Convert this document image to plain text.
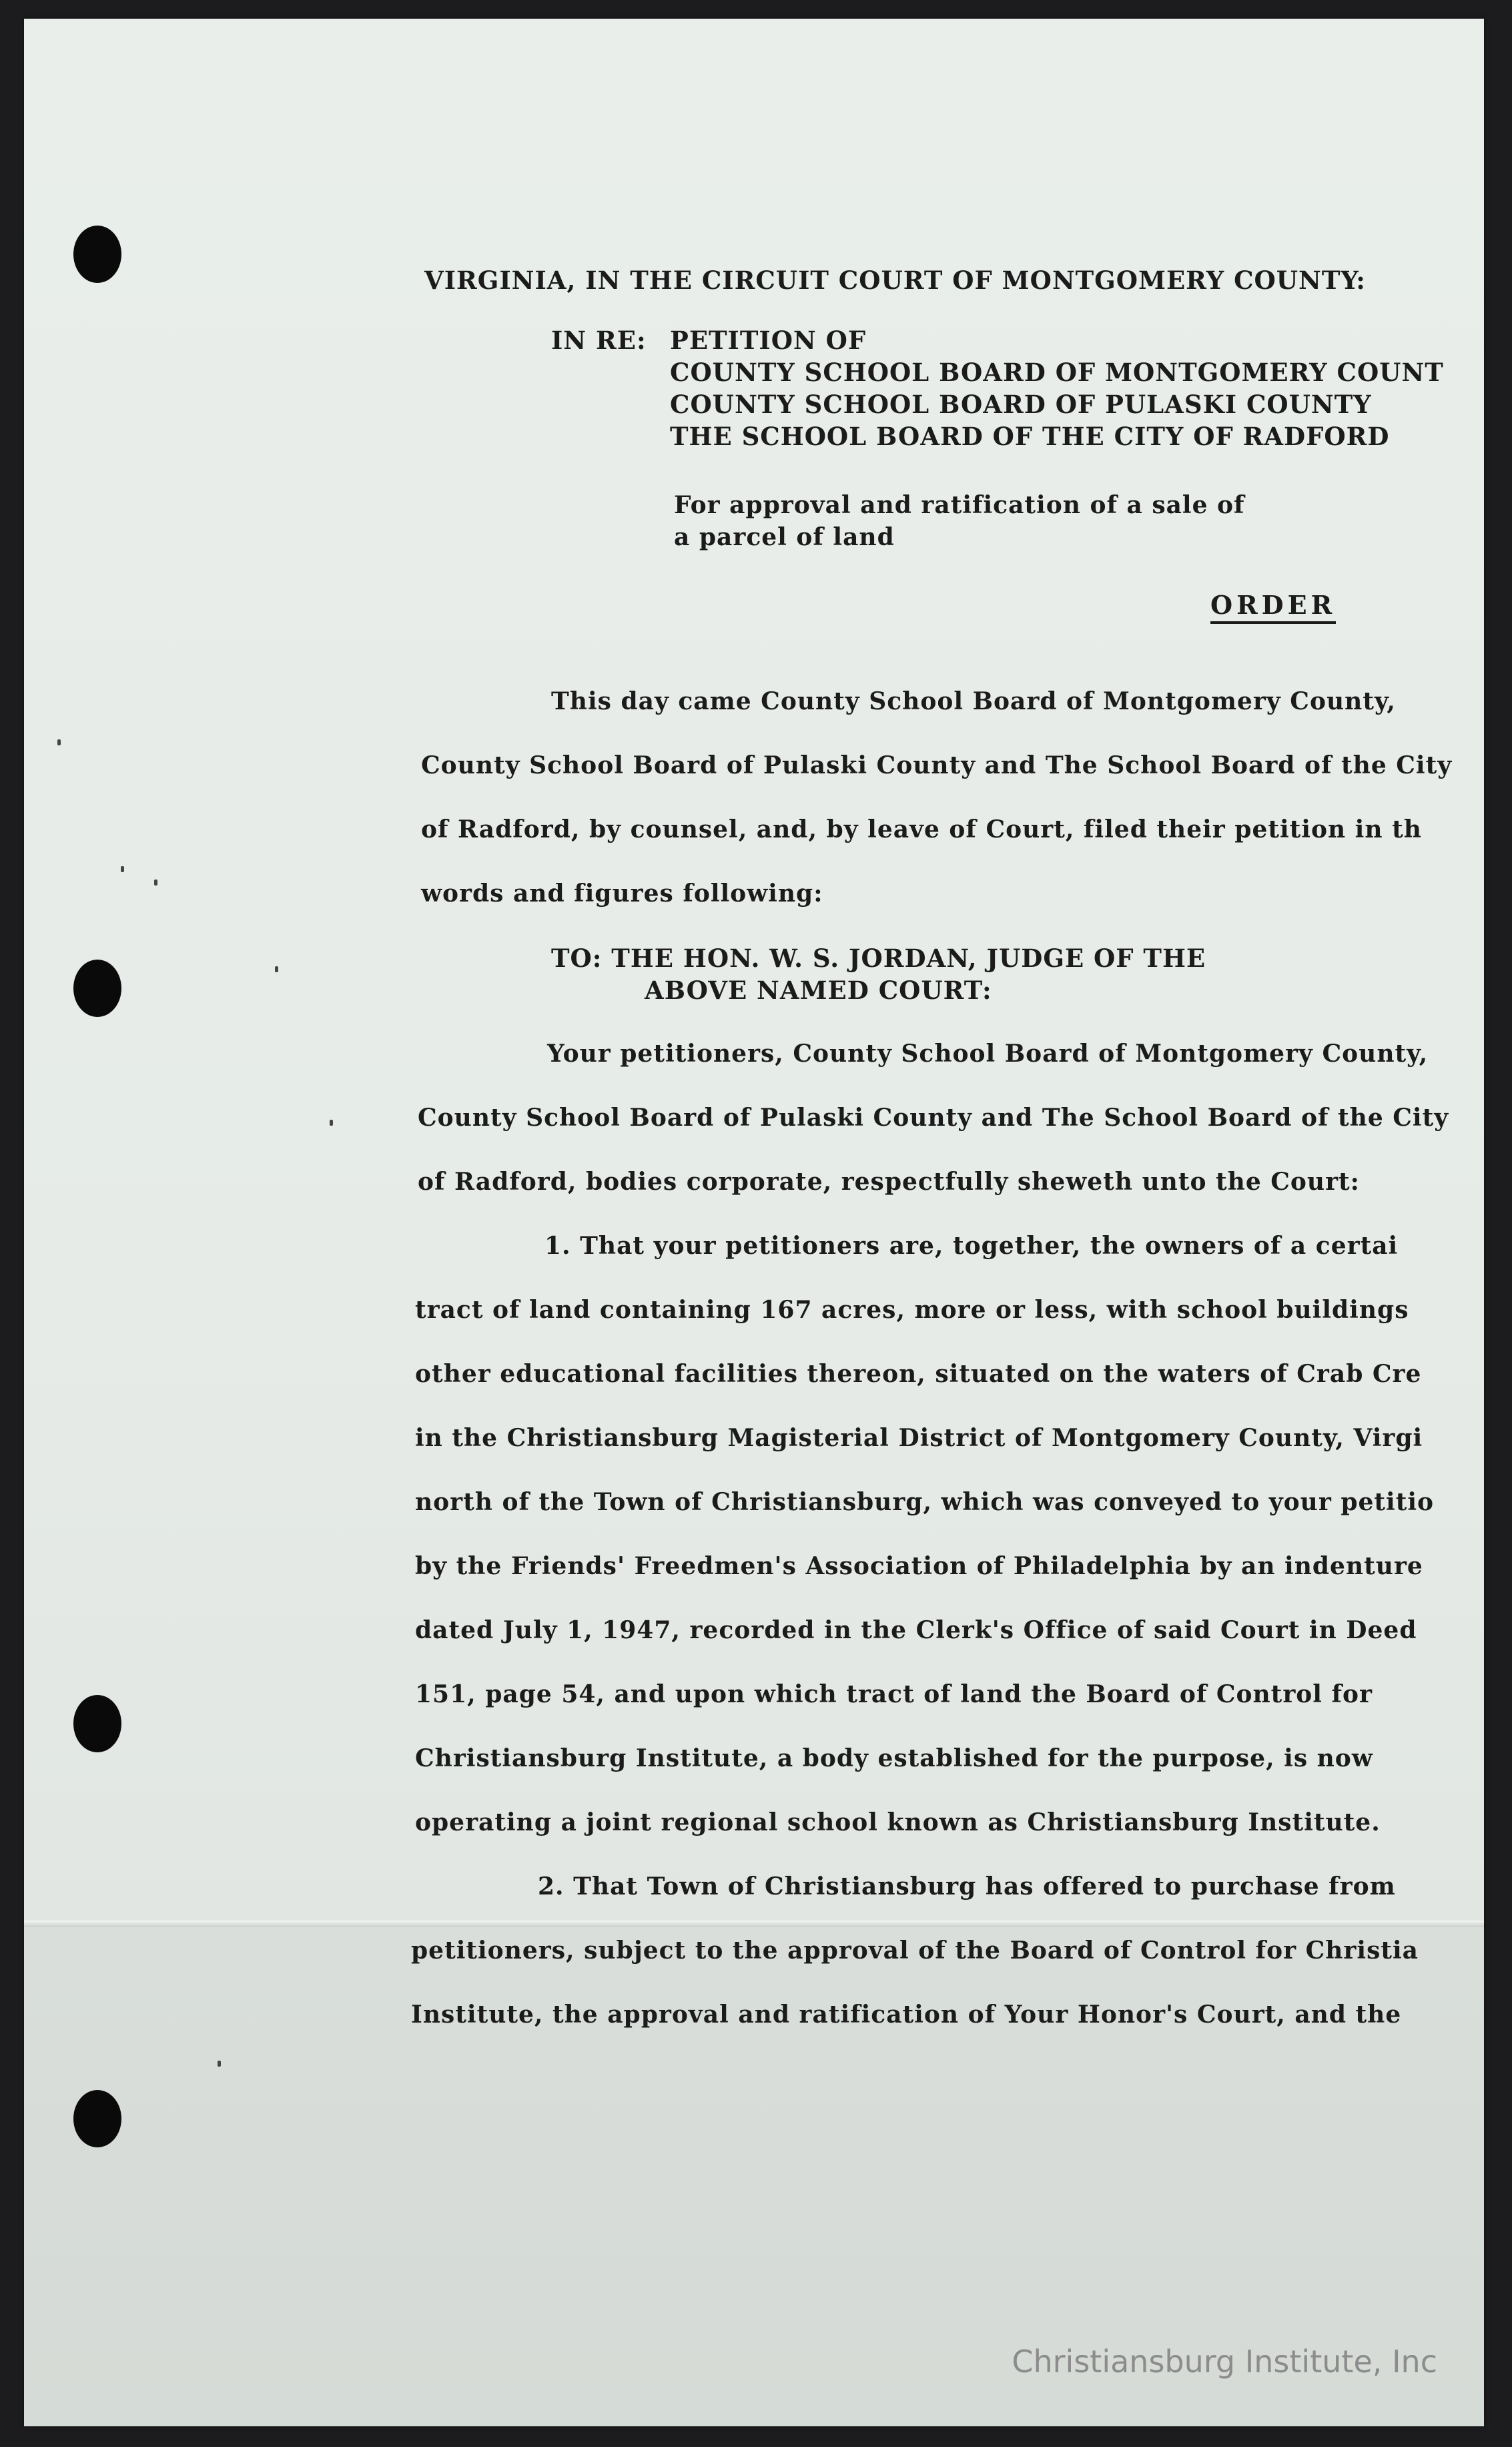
VIRGINIA, IN THE CIRCUIT COURT OF MONTGOMERY COUNTY:
IN RE: PETITION OF
COUNTY SCHOOL BOARD OF MONTGOMERY COUNT
COUNTY SCHOOL BOARD OF PULASKI COUNTY
THE SCHOOL BOARD OF THE CITY OF RADFORD
For approval and ratification of a sale of
a parcel of land
ORDER
This day came County School Board of Montgomery County,
County School Board of Pulaski County and The School Board of the City
of Radford, by counsel, and, by leave of Court, filed their petition in th
words and figures following:
TO: THE HON. W. S. JORDAN, JUDGE OF THE
ABOVE NAMED COURT:
Your petitioners, County School Board of Montgomery County,
County School Board of Pulaski County and The School Board of the City
of Radford, bodies corporate, respectfully sheweth unto the Court:
1. That your petitioners are, together, the owners of a certai
tract of land containing 167 acres, more or less, with school buildings
other educational facilities thereon, situated on the waters of Crab Cre
in the Christiansburg Magisterial District of Montgomery County, Virgi
north of the Town of Christiansburg, which was conveyed to your petitio
by the Friends' Freedmen's Association of Philadelphia by an indenture
dated July 1, 1947, recorded in the Clerk's Office of said Court in Deed
151, page 54, and upon which tract of land the Board of Control for
Christiansburg Institute, a body established for the purpose, is now
operating a joint regional school known as Christiansburg Institute.
2. That Town of Christiansburg has offered to purchase from
petitioners, subject to the approval of the Board of Control for Christia
Institute, the approval and ratification of Your Honor's Court, and the
Christiansburg Institute, Inc
